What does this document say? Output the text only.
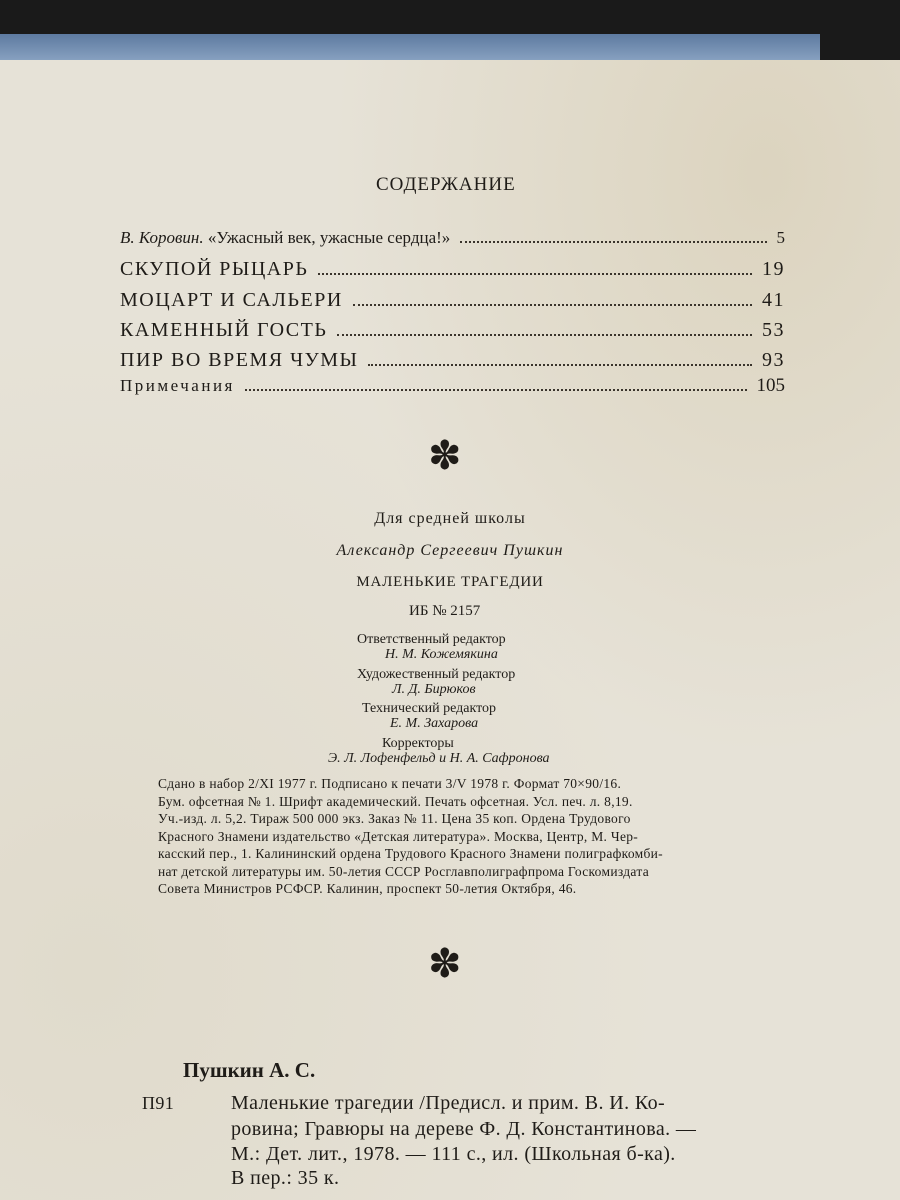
СОДЕРЖАНИЕ
В. Коровин. «Ужасный век, ужасные сердца!»	5
СКУПОЙ РЫЦАРЬ	19
МОЦАРТ И САЛЬЕРИ	41
КАМЕННЫЙ ГОСТЬ	53
ПИР ВО ВРЕМЯ ЧУМЫ	93
Примечания	105
✽
Для средней школы
Александр Сергеевич Пушкин
МАЛЕНЬКИЕ ТРАГЕДИИ
ИБ № 2157
Ответственный редактор
Н. М. Кожемякина
Художественный редактор
Л. Д. Бирюков
Технический редактор
Е. М. Захарова
Корректоры
Э. Л. Лофенфельд и Н. А. Сафронова
Сдано в набор 2/XI 1977 г. Подписано к печати 3/V 1978 г. Формат 70×90/16.
Бум. офсетная № 1. Шрифт академический. Печать офсетная. Усл. печ. л. 8,19.
Уч.-изд. л. 5,2. Тираж 500 000 экз. Заказ № 11. Цена 35 коп. Ордена Трудового
Красного Знамени издательство «Детская литература». Москва, Центр, М. Чер-
касский пер., 1. Калининский ордена Трудового Красного Знамени полиграфкомби-
нат детской литературы им. 50-летия СССР Росглавполиграфпрома Госкомиздата
Совета Министров РСФСР. Калинин, проспект 50-летия Октября, 46.
✽
Пушкин А. С.
П91	Маленькие трагедии /Предисл. и прим. В. И. Ко-
ровина; Гравюры на дереве Ф. Д. Константинова. —
М.: Дет. лит., 1978. — 111 с., ил. (Школьная б-ка).
В пер.: 35 к.
